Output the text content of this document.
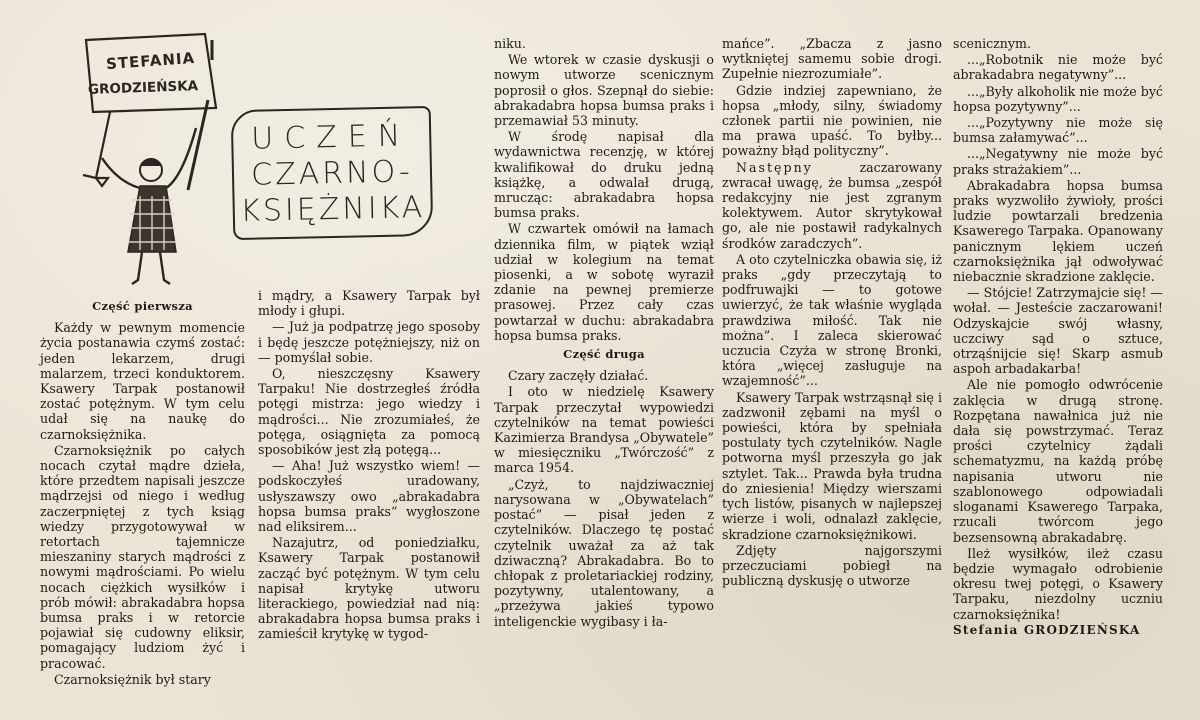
STEFANIA
GRODZIEŃSKA
UCZEŃ
CZARNO-
KSIĘŻNIKA

Część pierwsza

Każdy w pewnym momencie życia postanawia czymś zostać: jeden lekarzem, drugi malarzem, trzeci konduktorem. Ksawery Tarpak postanowił zostać potężnym. W tym celu udał się na naukę do czarnoksiężnika.

Czarnoksiężnik po całych nocach czytał mądre dzieła, które przedtem napisali jeszcze mądrzejsi od niego i według zaczerpniętej z tych ksiąg wiedzy przygotowywał w retortach tajemnicze mieszaniny starych mądrości z nowymi mądrościami. Po wielu nocach ciężkich wysiłków i prób mówił: abrakadabra hopsa bumsa praks i w retorcie pojawiał się cudowny eliksir, pomagający ludziom żyć i pracować.

Czarnoksiężnik był stary

i mądry, a Ksawery Tarpak był młody i głupi.

— Już ja podpatrzę jego sposoby i będę jeszcze potężniejszy, niż on — pomyślał sobie.

O, nieszczęsny Ksawery Tarpaku! Nie dostrzegłeś źródła potęgi mistrza: jego wiedzy i mądrości... Nie zrozumiałeś, że potęga, osiągnięta za pomocą sposobików jest złą potęgą...

— Aha! Już wszystko wiem! — podskoczyłeś uradowany, usłyszawszy owo „abrakadabra hopsa bumsa praks” wygłoszone nad eliksirem...

Nazajutrz, od poniedziałku, Ksawery Tarpak postanowił zacząć być potężnym. W tym celu napisał krytykę utworu literackiego, powiedział nad nią: abrakadabra hopsa bumsa praks i zamieścił krytykę w tygod-

niku.

We wtorek w czasie dyskusji o nowym utworze scenicznym poprosił o głos. Szepnął do siebie: abrakadabra hopsa bumsa praks i przemawiał 53 minuty.

W środę napisał dla wydawnictwa recenzję, w której kwalifikował do druku jedną książkę, a odwalał drugą, mrucząc: abrakadabra hopsa bumsa praks.

W czwartek omówił na łamach dziennika film, w piątek wziął udział w kolegium na temat piosenki, a w sobotę wyraził zdanie na pewnej premierze prasowej. Przez cały czas powtarzał w duchu: abrakadabra hopsa bumsa praks.

Część druga

Czary zaczęły działać.

I oto w niedzielę Ksawery Tarpak przeczytał wypowiedzi czytelników na temat powieści Kazimierza Brandysa „Obywatele” w miesięczniku „Twórczość” z marca 1954.

„Czyż, to najdziwaczniej narysowana w „Obywatelach” postać” — pisał jeden z czytelników. Dlaczego tę postać czytelnik uważał za aż tak dziwaczną? Abrakadabra. Bo to chłopak z proletariackiej rodziny, pozytywny, utalentowany, a „przeżywa jakieś typowo inteligenckie wygibasy i ła-

mańce”. „Zbacza z jasno wytkniętej samemu sobie drogi. Zupełnie niezrozumiałe”.

Gdzie indziej zapewniano, że hopsa „młody, silny, świadomy członek partii nie powinien, nie ma prawa upaść. To byłby... poważny błąd polityczny”.

Następny zaczarowany zwracał uwagę, że bumsa „zespół redakcyjny nie jest zgranym kolektywem. Autor skrytykował go, ale nie postawił radykalnych środków zaradczych”.

A oto czytelniczka obawia się, iż praks „gdy przeczytają to podfruwajki — to gotowe uwierzyć, że tak właśnie wygląda prawdziwa miłość. Tak nie można”. I zaleca skierować uczucia Czyża w stronę Bronki, która „więcej zasługuje na wzajemność”...

Ksawery Tarpak wstrząsnął się i zadzwonił zębami na myśl o powieści, która by spełniała postulaty tych czytelników. Nagle potworna myśl przeszyła go jak sztylet. Tak... Prawda była trudna do zniesienia! Między wierszami tych listów, pisanych w najlepszej wierze i woli, odnalazł zaklęcie, skradzione czarnoksiężnikowi.

Zdjęty najgorszymi przeczuciami pobiegł na publiczną dyskusję o utworze

scenicznym.

...„Robotnik nie może być abrakadabra negatywny”...

...„Były alkoholik nie może być hopsa pozytywny”...

...„Pozytywny nie może się bumsa załamywać”...

...„Negatywny nie może być praks strażakiem”...

Abrakadabra hopsa bumsa praks wyzwoliło żywioły, prości ludzie powtarzali bredzenia Ksawerego Tarpaka. Opanowany panicznym lękiem uczeń czarnoksiężnika jął odwoływać niebacznie skradzione zaklęcie.

— Stójcie! Zatrzymajcie się! — wołał. — Jesteście zaczarowani! Odzyskajcie swój własny, uczciwy sąd o sztuce, otrząśnijcie się! Skarp asmub aspoh arbadakarba!

Ale nie pomogło odwrócenie zaklęcia w drugą stronę. Rozpętana nawałnica już nie dała się powstrzymać. Teraz prości czytelnicy żądali schematyzmu, na każdą próbę napisania utworu nie szablonowego odpowiadali sloganami Ksawerego Tarpaka, rzucali twórcom jego bezsensowną abrakadabrę.

Ileż wysiłków, ileż czasu będzie wymagało odrobienie okresu twej potęgi, o Ksawery Tarpaku, niezdolny uczniu czarnoksiężnika!

Stefania GRODZIEŃSKA
